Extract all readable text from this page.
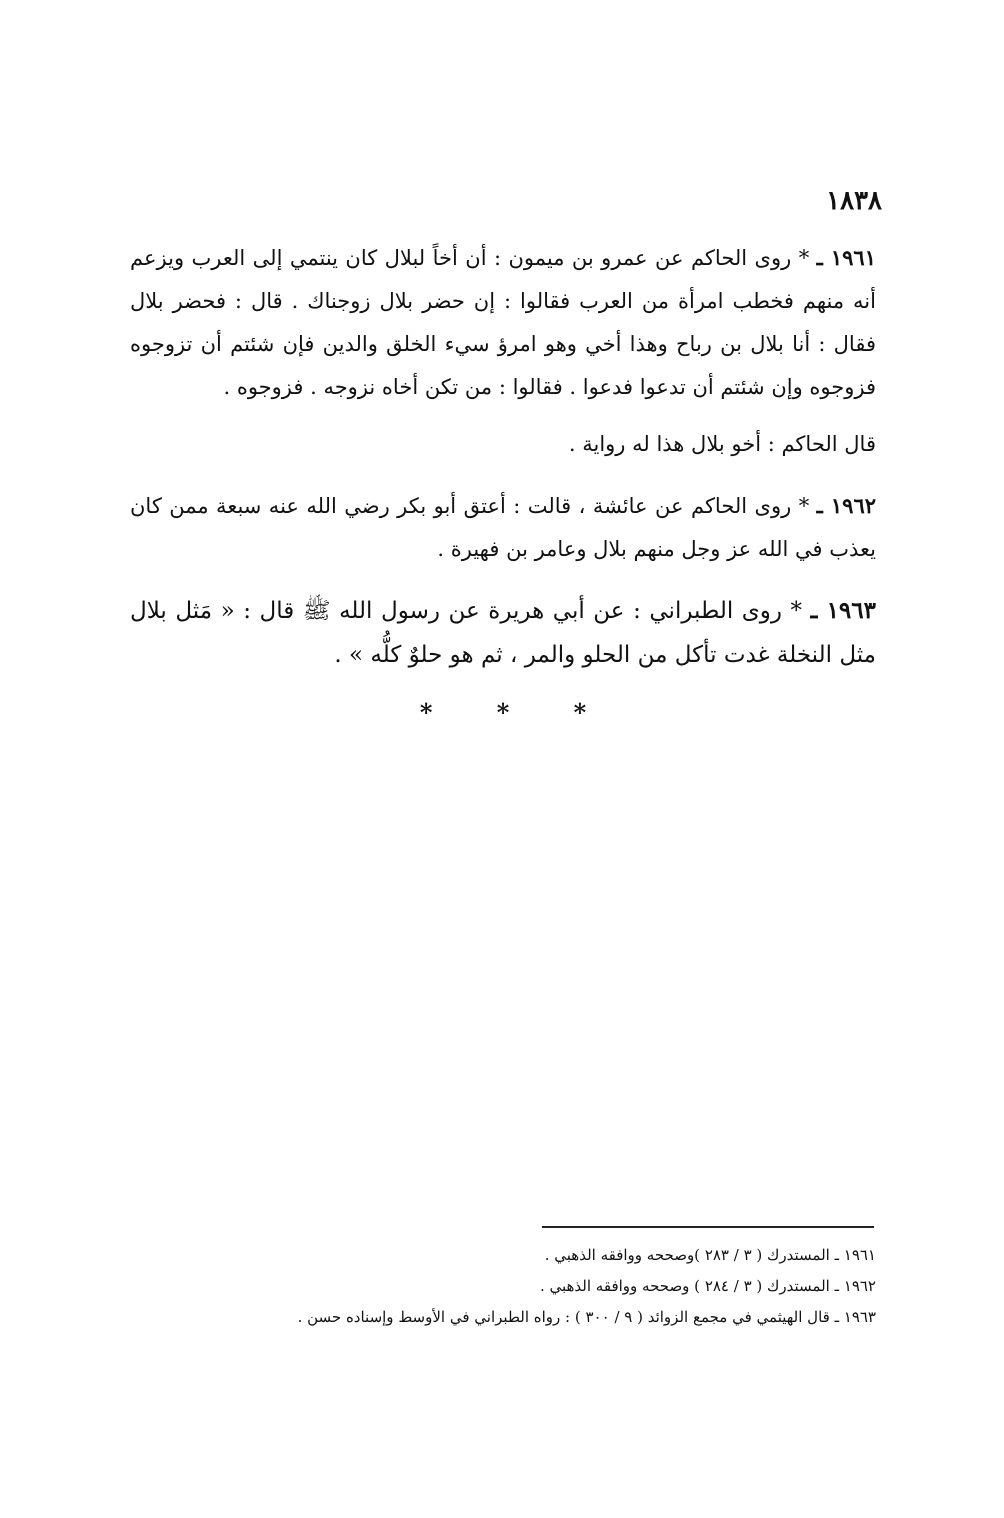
١٨٣٨

١٩٦١ ـ * روى الحاكم عن عمرو بن ميمون : أن أخاً لبلال كان ينتمي إلى العرب ويزعم أنه منهم فخطب امرأة من العرب فقالوا : إن حضر بلال زوجناك . قال : فحضر بلال فقال : أنا بلال بن رباح وهذا أخي وهو امرؤ سيء الخلق والدين فإن شئتم أن تزوجوه فزوجوه وإن شئتم أن تدعوا فدعوا . فقالوا : من تكن أخاه نزوجه . فزوجوه .

قال الحاكم : أخو بلال هذا له رواية .

١٩٦٢ ـ * روى الحاكم عن عائشة ، قالت : أعتق أبو بكر رضي الله عنه سبعة ممن كان يعذب في الله عز وجل منهم بلال وعامر بن فهيرة .

١٩٦٣ ـ * روى الطبراني : عن أبي هريرة عن رسول الله ﷺ قال : « مَثل بلال مثل النخلة غدت تأكل من الحلو والمر ، ثم هو حلوٌ كلُّه » .

* * *

١٩٦١ ـ المستدرك ( ٣ / ٢٨٣ )وصححه ووافقه الذهبي .

١٩٦٢ ـ المستدرك ( ٣ / ٢٨٤ ) وصححه ووافقه الذهبي .

١٩٦٣ ـ قال الهيثمي في مجمع الزوائد ( ٩ / ٣٠٠ ) : رواه الطبراني في الأوسط وإسناده حسن .
